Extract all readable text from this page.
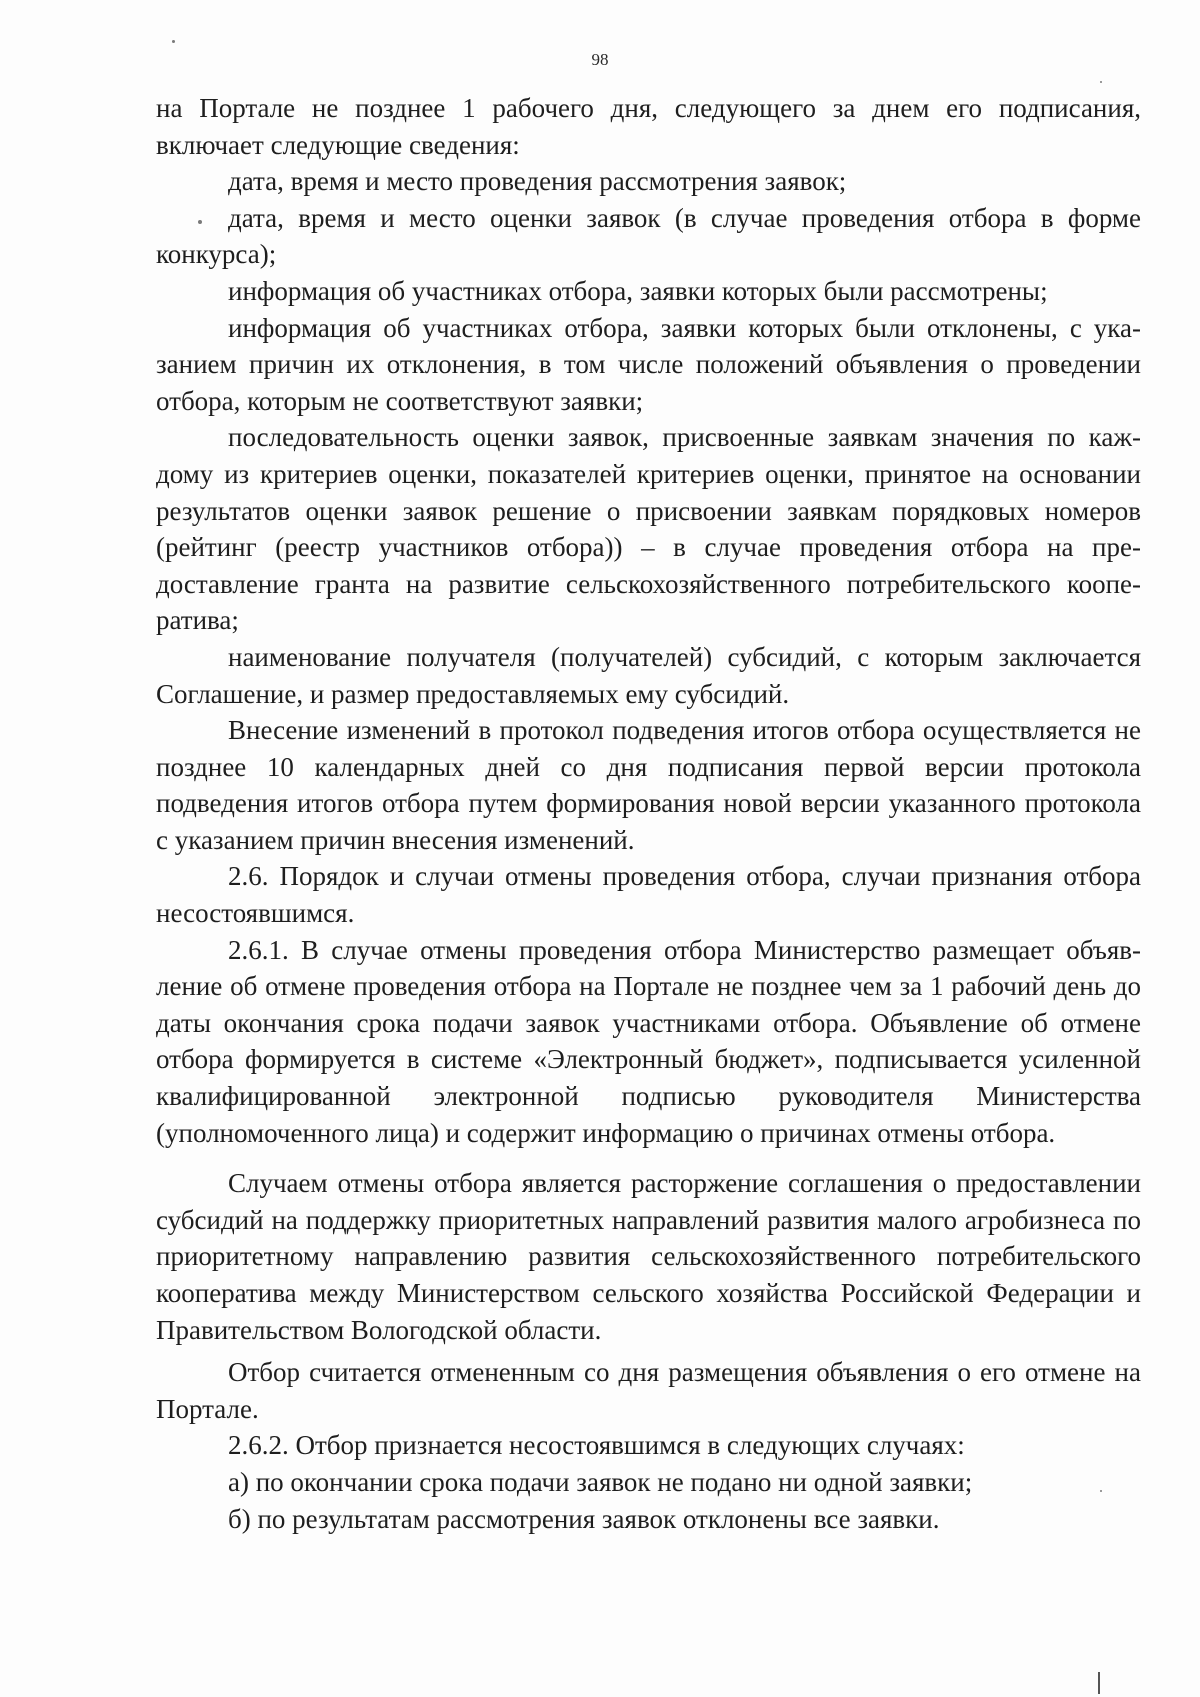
98

на Портале не позднее 1 рабочего дня, следующего за днем его подписания, включает следующие сведения:

дата, время и место проведения рассмотрения заявок;

дата, время и место оценки заявок (в случае проведения отбора в форме конкурса);

информация об участниках отбора, заявки которых были рассмотрены;

информация об участниках отбора, заявки которых были отклонены, с указанием причин их отклонения, в том числе положений объявления о проведении отбора, которым не соответствуют заявки;

последовательность оценки заявок, присвоенные заявкам значения по каждому из критериев оценки, показателей критериев оценки, принятое на основании результатов оценки заявок решение о присвоении заявкам порядковых номеров (рейтинг (реестр участников отбора)) – в случае проведения отбора на предоставление гранта на развитие сельскохозяйственного потребительского кооператива;

наименование получателя (получателей) субсидий, с которым заключается Соглашение, и размер предоставляемых ему субсидий.

Внесение изменений в протокол подведения итогов отбора осуществляется не позднее 10 календарных дней со дня подписания первой версии протокола подведения итогов отбора путем формирования новой версии указанного протокола с указанием причин внесения изменений.

2.6. Порядок и случаи отмены проведения отбора, случаи признания отбора несостоявшимся.

2.6.1. В случае отмены проведения отбора Министерство размещает объявление об отмене проведения отбора на Портале не позднее чем за 1 рабочий день до даты окончания срока подачи заявок участниками отбора. Объявление об отмене отбора формируется в системе «Электронный бюджет», подписывается усиленной квалифицированной электронной подписью руководителя Министерства (уполномоченного лица) и содержит информацию о причинах отмены отбора.

Случаем отмены отбора является расторжение соглашения о предоставлении субсидий на поддержку приоритетных направлений развития малого агробизнеса по приоритетному направлению развития сельскохозяйственного потребительского кооператива между Министерством сельского хозяйства Российской Федерации и Правительством Вологодской области.

Отбор считается отмененным со дня размещения объявления о его отмене на Портале.

2.6.2. Отбор признается несостоявшимся в следующих случаях:

а) по окончании срока подачи заявок не подано ни одной заявки;

б) по результатам рассмотрения заявок отклонены все заявки.
